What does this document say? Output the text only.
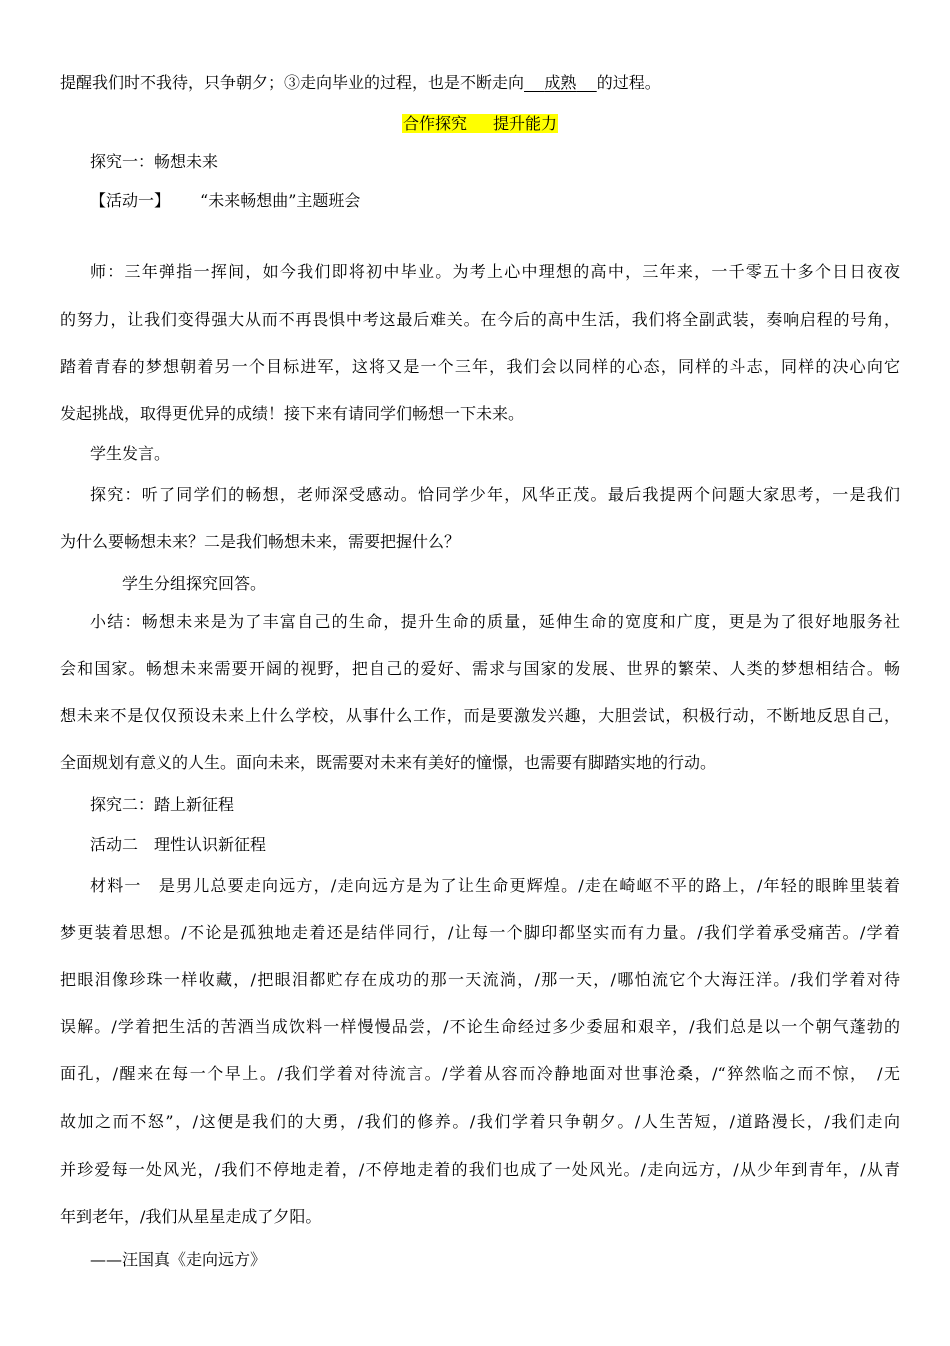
提醒我们时不我待，只争朝夕；③走向毕业的过程，也是不断走向 成熟 的过程。
合作探究 提升能力
探究一：畅想未来
【活动一】 “未来畅想曲”主题班会
师：三年弹指一挥间，如今我们即将初中毕业。为考上心中理想的高中，三年来，一千零五十多个日日夜夜
的努力，让我们变得强大从而不再畏惧中考这最后难关。在今后的高中生活，我们将全副武装，奏响启程的号角，
踏着青春的梦想朝着另一个目标进军，这将又是一个三年，我们会以同样的心态，同样的斗志，同样的决心向它
发起挑战，取得更优异的成绩！接下来有请同学们畅想一下未来。
学生发言。
探究：听了同学们的畅想，老师深受感动。恰同学少年，风华正茂。最后我提两个问题大家思考，一是我们
为什么要畅想未来？二是我们畅想未来，需要把握什么？
学生分组探究回答。
小结：畅想未来是为了丰富自己的生命，提升生命的质量，延伸生命的宽度和广度，更是为了很好地服务社
会和国家。畅想未来需要开阔的视野，把自己的爱好、需求与国家的发展、世界的繁荣、人类的梦想相结合。畅
想未来不是仅仅预设未来上什么学校，从事什么工作，而是要激发兴趣，大胆尝试，积极行动，不断地反思自己，
全面规划有意义的人生。面向未来，既需要对未来有美好的憧憬，也需要有脚踏实地的行动。
探究二：踏上新征程
活动二 理性认识新征程
材料一　是男儿总要走向远方，/走向远方是为了让生命更辉煌。/走在崎岖不平的路上，/年轻的眼眸里装着
梦更装着思想。/不论是孤独地走着还是结伴同行，/让每一个脚印都坚实而有力量。/我们学着承受痛苦。/学着
把眼泪像珍珠一样收藏，/把眼泪都贮存在成功的那一天流淌，/那一天，/哪怕流它个大海汪洋。/我们学着对待
误解。/学着把生活的苦酒当成饮料一样慢慢品尝，/不论生命经过多少委屈和艰辛，/我们总是以一个朝气蓬勃的
面孔，/醒来在每一个早上。/我们学着对待流言。/学着从容而冷静地面对世事沧桑，/“猝然临之而不惊，　/无
故加之而不怒”，/这便是我们的大勇，/我们的修养。/我们学着只争朝夕。/人生苦短，/道路漫长，/我们走向
并珍爱每一处风光，/我们不停地走着，/不停地走着的我们也成了一处风光。/走向远方，/从少年到青年，/从青
年到老年，/我们从星星走成了夕阳。
——汪国真《走向远方》
